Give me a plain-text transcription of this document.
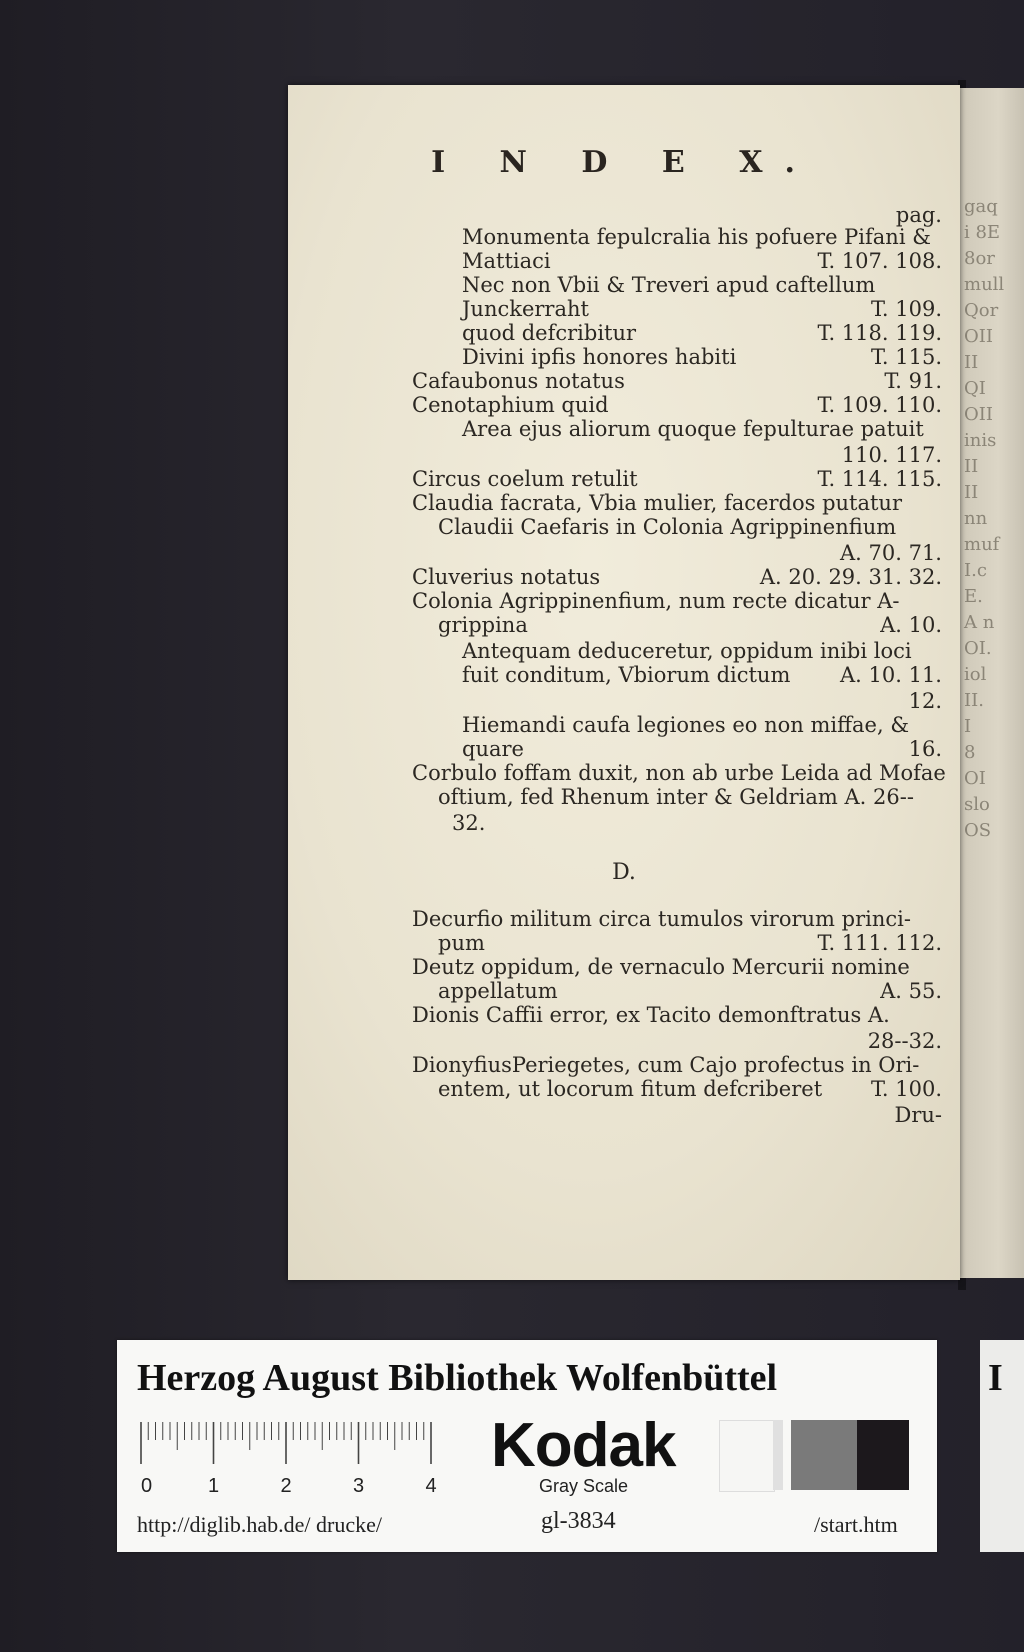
gaq
i 8E
8or
mull
Qor
OII
II
QI
OII
inis
II
II
nn
muf
I.c
E.
A n
OI.
iol
II.
I
8
OI
slo
OS
I N D E X.
pag.
Monumenta fepulcralia his pofuere Pifani &
Mattiaci	T. 107. 108.
Nec non Vbii & Treveri apud caftellum
Junckerraht	T. 109.
quod defcribitur	T. 118. 119.
Divini ipfis honores habiti	T. 115.
Cafaubonus notatus	T. 91.
Cenotaphium quid	T. 109. 110.
Area ejus aliorum quoque fepulturae patuit
110. 117.
Circus coelum retulit	T. 114. 115.
Claudia facrata, Vbia mulier, facerdos putatur
Claudii Caefaris in Colonia Agrippinenfium
A. 70. 71.
Cluverius notatus	A. 20. 29. 31. 32.
Colonia Agrippinenfium, num recte dicatur A-
grippina	A. 10.
Antequam deduceretur, oppidum inibi loci
fuit conditum, Vbiorum dictum A. 10. 11.
12.
Hiemandi caufa legiones eo non miffae, &
quare	16.
Corbulo foffam duxit, non ab urbe Leida ad Mofae
oftium, fed Rhenum inter & Geldriam A. 26--
32.
Decurfio militum circa tumulos virorum princi-
pum	T. 111. 112.
Deutz oppidum, de vernaculo Mercurii nomine
appellatum	A. 55.
Dionis Caffii error, ex Tacito demonftratus A.
28--32.
DionyfiusPeriegetes, cum Cajo profectus in Ori-
entem, ut locorum fitum defcriberet T. 100.
Dru-
D.
Herzog August Bibliothek Wolfenbüttel
0	1	2	3	4
Kodak
Gray Scale
http://diglib.hab.de/ drucke/	gl-3834	/start.htm
I
